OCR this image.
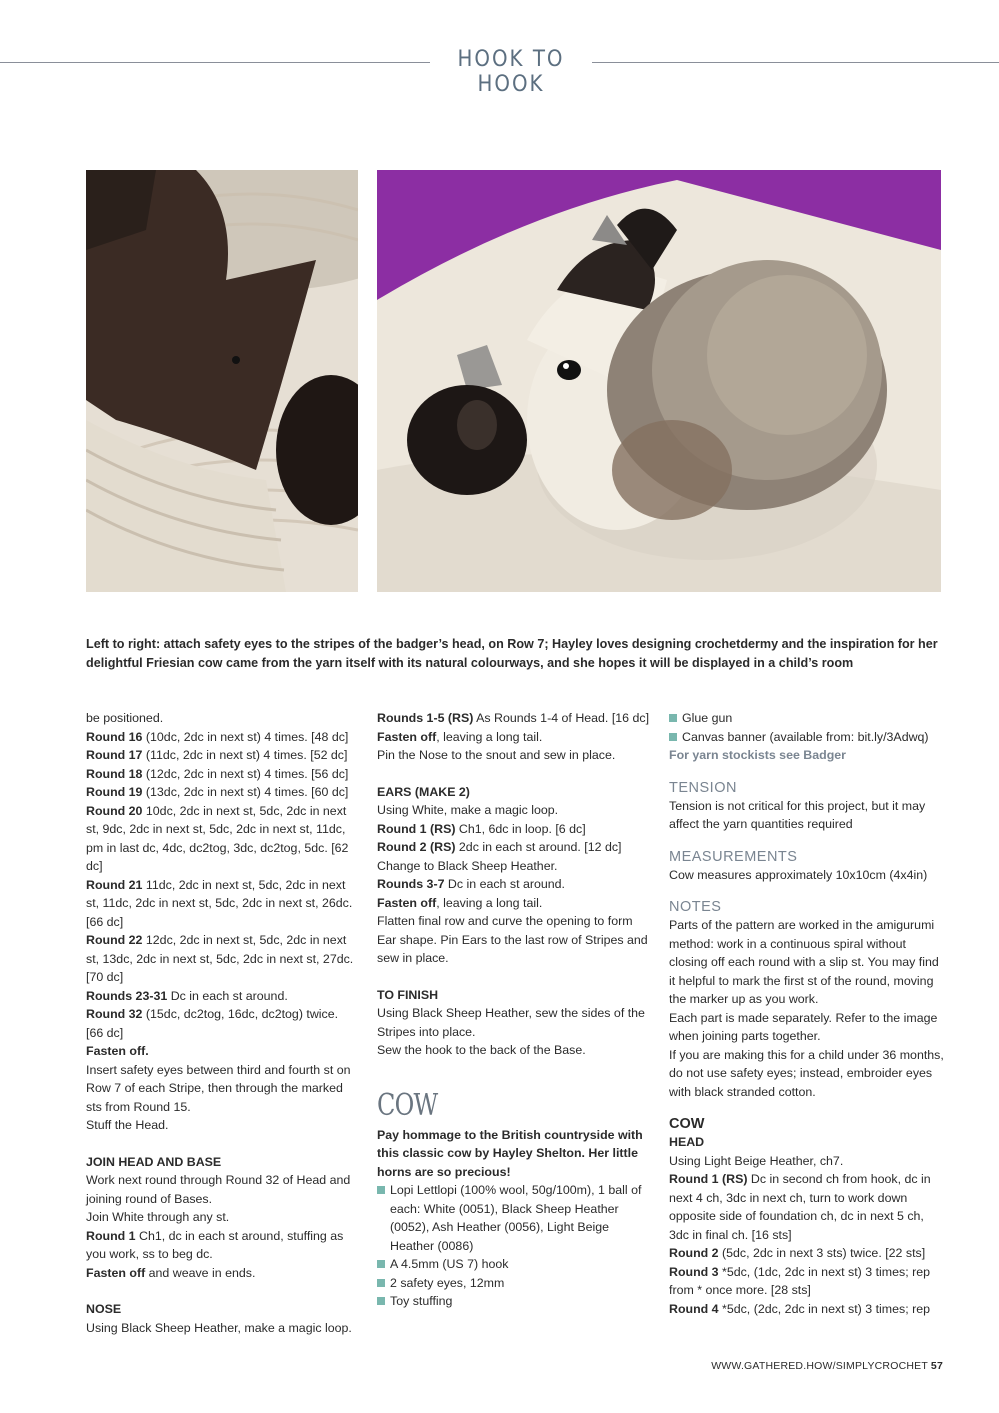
HOOK TO HOOK
Left to right: attach safety eyes to the stripes of the badger’s head, on Row 7; Hayley loves designing crochetdermy and the inspiration for her delightful Friesian cow came from the yarn itself with its natural colourways, and she hopes it will be displayed in a child’s room

be positioned.

Round 16 (10dc, 2dc in next st) 4 times. [48 dc]

Round 17 (11dc, 2dc in next st) 4 times. [52 dc]

Round 18 (12dc, 2dc in next st) 4 times. [56 dc]

Round 19 (13dc, 2dc in next st) 4 times. [60 dc]

Round 20 10dc, 2dc in next st, 5dc, 2dc in next st, 9dc, 2dc in next st, 5dc, 2dc in next st, 11dc, pm in last dc, 4dc, dc2tog, 3dc, dc2tog, 5dc. [62 dc]

Round 21 11dc, 2dc in next st, 5dc, 2dc in next st, 11dc, 2dc in next st, 5dc, 2dc in next st, 26dc. [66 dc]

Round 22 12dc, 2dc in next st, 5dc, 2dc in next st, 13dc, 2dc in next st, 5dc, 2dc in next st, 27dc. [70 dc]

Rounds 23-31 Dc in each st around.

Round 32 (15dc, dc2tog, 16dc, dc2tog) twice. [66 dc]

Fasten off.

Insert safety eyes between third and fourth st on Row 7 of each Stripe, then through the marked sts from Round 15.

Stuff the Head.

JOIN HEAD AND BASE

Work next round through Round 32 of Head and joining round of Bases.

Join White through any st.

Round 1 Ch1, dc in each st around, stuffing as you work, ss to beg dc.

Fasten off and weave in ends.

NOSE

Using Black Sheep Heather, make a magic loop.

Rounds 1-5 (RS) As Rounds 1-4 of Head. [16 dc]

Fasten off, leaving a long tail.

Pin the Nose to the snout and sew in place.

EARS (MAKE 2)

Using White, make a magic loop.

Round 1 (RS) Ch1, 6dc in loop. [6 dc]

Round 2 (RS) 2dc in each st around. [12 dc]

Change to Black Sheep Heather.

Rounds 3-7 Dc in each st around.

Fasten off, leaving a long tail.

Flatten final row and curve the opening to form Ear shape. Pin Ears to the last row of Stripes and sew in place.

TO FINISH

Using Black Sheep Heather, sew the sides of the Stripes into place.

Sew the hook to the back of the Base.

COW

Pay hommage to the British countryside with this classic cow by Hayley Shelton. Her little horns are so precious!

Lopi Lettlopi (100% wool, 50g/100m), 1 ball of each: White (0051), Black Sheep Heather (0052), Ash Heather (0056), Light Beige Heather (0086)
A 4.5mm (US 7) hook
2 safety eyes, 12mm
Toy stuffing
Glue gun
Canvas banner (available from: bit.ly/3Adwq)

For yarn stockists see Badger

TENSION

Tension is not critical for this project, but it may affect the yarn quantities required

MEASUREMENTS

Cow measures approximately 10x10cm (4x4in)

NOTES

Parts of the pattern are worked in the amigurumi method: work in a continuous spiral without closing off each round with a slip st. You may find it helpful to mark the first st of the round, moving the marker up as you work.

Each part is made separately. Refer to the image when joining parts together.

If you are making this for a child under 36 months, do not use safety eyes; instead, embroider eyes with black stranded cotton.

COW

HEAD

Using Light Beige Heather, ch7.

Round 1 (RS) Dc in second ch from hook, dc in next 4 ch, 3dc in next ch, turn to work down opposite side of foundation ch, dc in next 5 ch, 3dc in final ch. [16 sts]

Round 2 (5dc, 2dc in next 3 sts) twice. [22 sts]

Round 3 *5dc, (1dc, 2dc in next st) 3 times; rep from * once more. [28 sts]

Round 4 *5dc, (2dc, 2dc in next st) 3 times; rep

WWW.GATHERED.HOW/SIMPLYCROCHET 57
